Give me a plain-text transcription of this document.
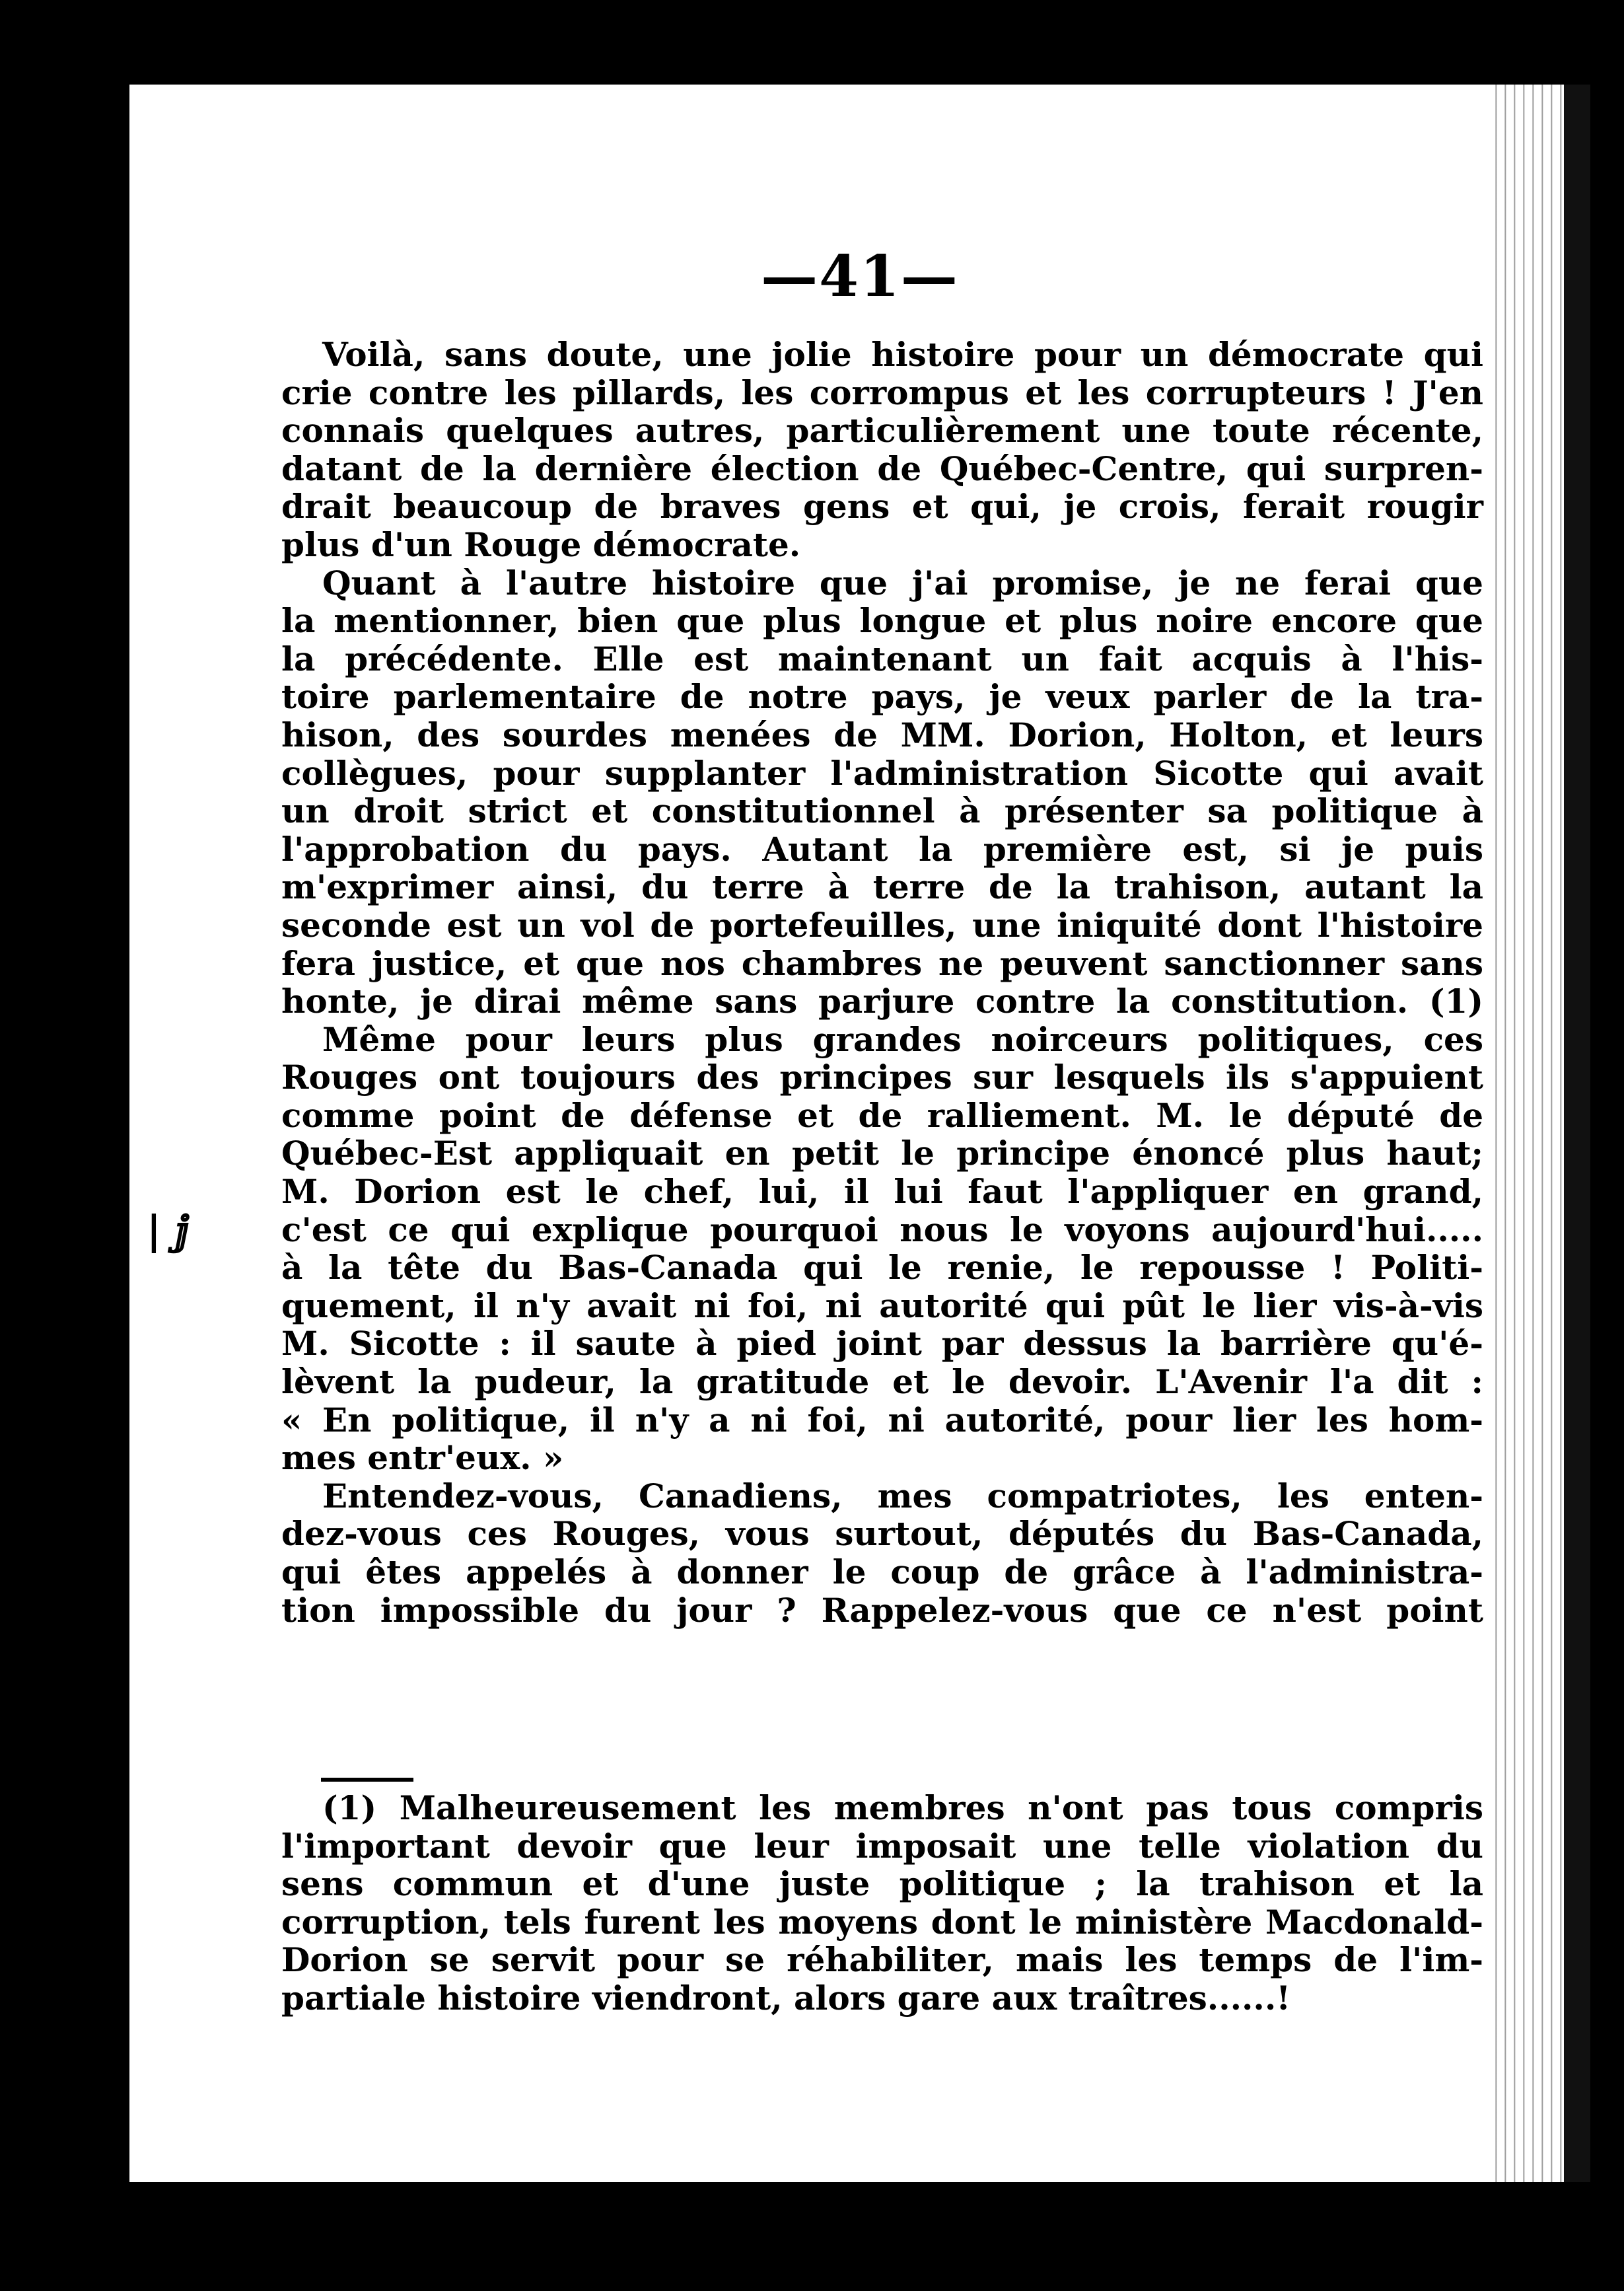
—41—
Voilà, sans doute, une jolie histoire pour un démocrate qui
crie contre les pillards, les corrompus et les corrupteurs ! J'en
connais quelques autres, particulièrement une toute récente,
datant de la dernière élection de Québec-Centre, qui surpren-
drait beaucoup de braves gens et qui, je crois, ferait rougir
plus d'un Rouge démocrate.
Quant à l'autre histoire que j'ai promise, je ne ferai que
la mentionner, bien que plus longue et plus noire encore que
la précédente. Elle est maintenant un fait acquis à l'his-
toire parlementaire de notre pays, je veux parler de la tra-
hison, des sourdes menées de MM. Dorion, Holton, et leurs
collègues, pour supplanter l'administration Sicotte qui avait
un droit strict et constitutionnel à présenter sa politique à
l'approbation du pays. Autant la première est, si je puis
m'exprimer ainsi, du terre à terre de la trahison, autant la
seconde est un vol de portefeuilles, une iniquité dont l'histoire
fera justice, et que nos chambres ne peuvent sanctionner sans
honte, je dirai même sans parjure contre la constitution. (1)
Même pour leurs plus grandes noirceurs politiques, ces
Rouges ont toujours des principes sur lesquels ils s'appuient
comme point de défense et de ralliement. M. le député de
Québec-Est appliquait en petit le principe énoncé plus haut;
M. Dorion est le chef, lui, il lui faut l'appliquer en grand,
c'est ce qui explique pourquoi nous le voyons aujourd'hui.....
à la tête du Bas-Canada qui le renie, le repousse ! Politi-
quement, il n'y avait ni foi, ni autorité qui pût le lier vis-à-vis
M. Sicotte : il saute à pied joint par dessus la barrière qu'é-
lèvent la pudeur, la gratitude et le devoir. L'Avenir l'a dit :
« En politique, il n'y a ni foi, ni autorité, pour lier les hom-
mes entr'eux. »
Entendez-vous, Canadiens, mes compatriotes, les enten-
dez-vous ces Rouges, vous surtout, députés du Bas-Canada,
qui êtes appelés à donner le coup de grâce à l'administra-
tion impossible du jour ? Rappelez-vous que ce n'est point
(1) Malheureusement les membres n'ont pas tous compris
l'important devoir que leur imposait une telle violation du
sens commun et d'une juste politique ; la trahison et la
corruption, tels furent les moyens dont le ministère Macdonald-
Dorion se servit pour se réhabiliter, mais les temps de l'im-
partiale histoire viendront, alors gare aux traîtres......!
| ⅉ
